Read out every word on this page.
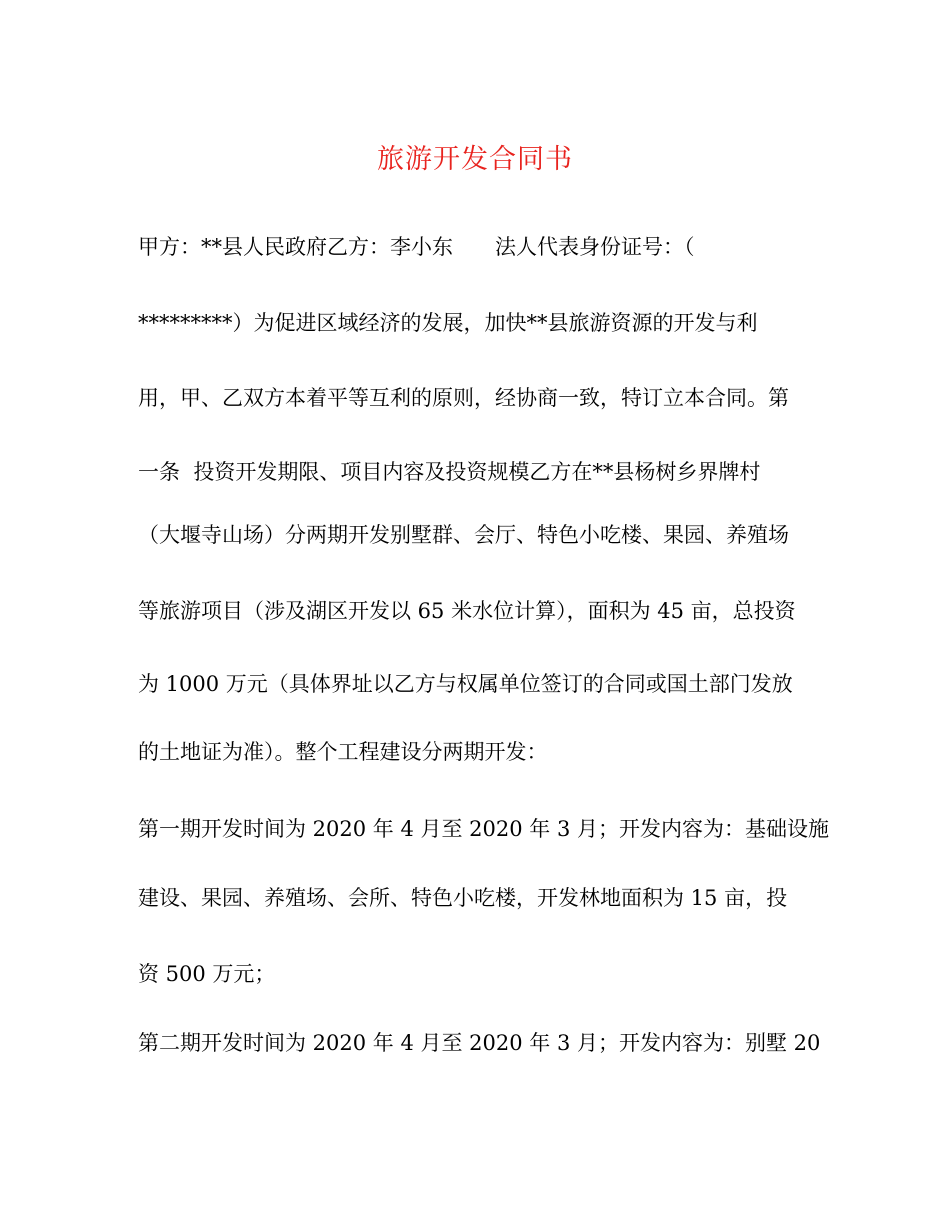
旅游开发合同书
甲方：**县人民政府乙方：李小东　　法人代表身份证号：（
*********）为促进区域经济的发展，加快**县旅游资源的开发与利
用，甲、乙双方本着平等互利的原则，经协商一致，特订立本合同。第
一条  投资开发期限、项目内容及投资规模乙方在**县杨树乡界牌村
（大堰寺山场）分两期开发别墅群、会厅、特色小吃楼、果园、养殖场
等旅游项目（涉及湖区开发以 65 米水位计算），面积为 45 亩，总投资
为 1000 万元（具体界址以乙方与权属单位签订的合同或国土部门发放
的土地证为准）。整个工程建设分两期开发：
第一期开发时间为 2020 年 4 月至 2020 年 3 月；开发内容为：基础设施
建设、果园、养殖场、会所、特色小吃楼，开发林地面积为 15 亩，投
资 500 万元；
第二期开发时间为 2020 年 4 月至 2020 年 3 月；开发内容为：别墅 20
